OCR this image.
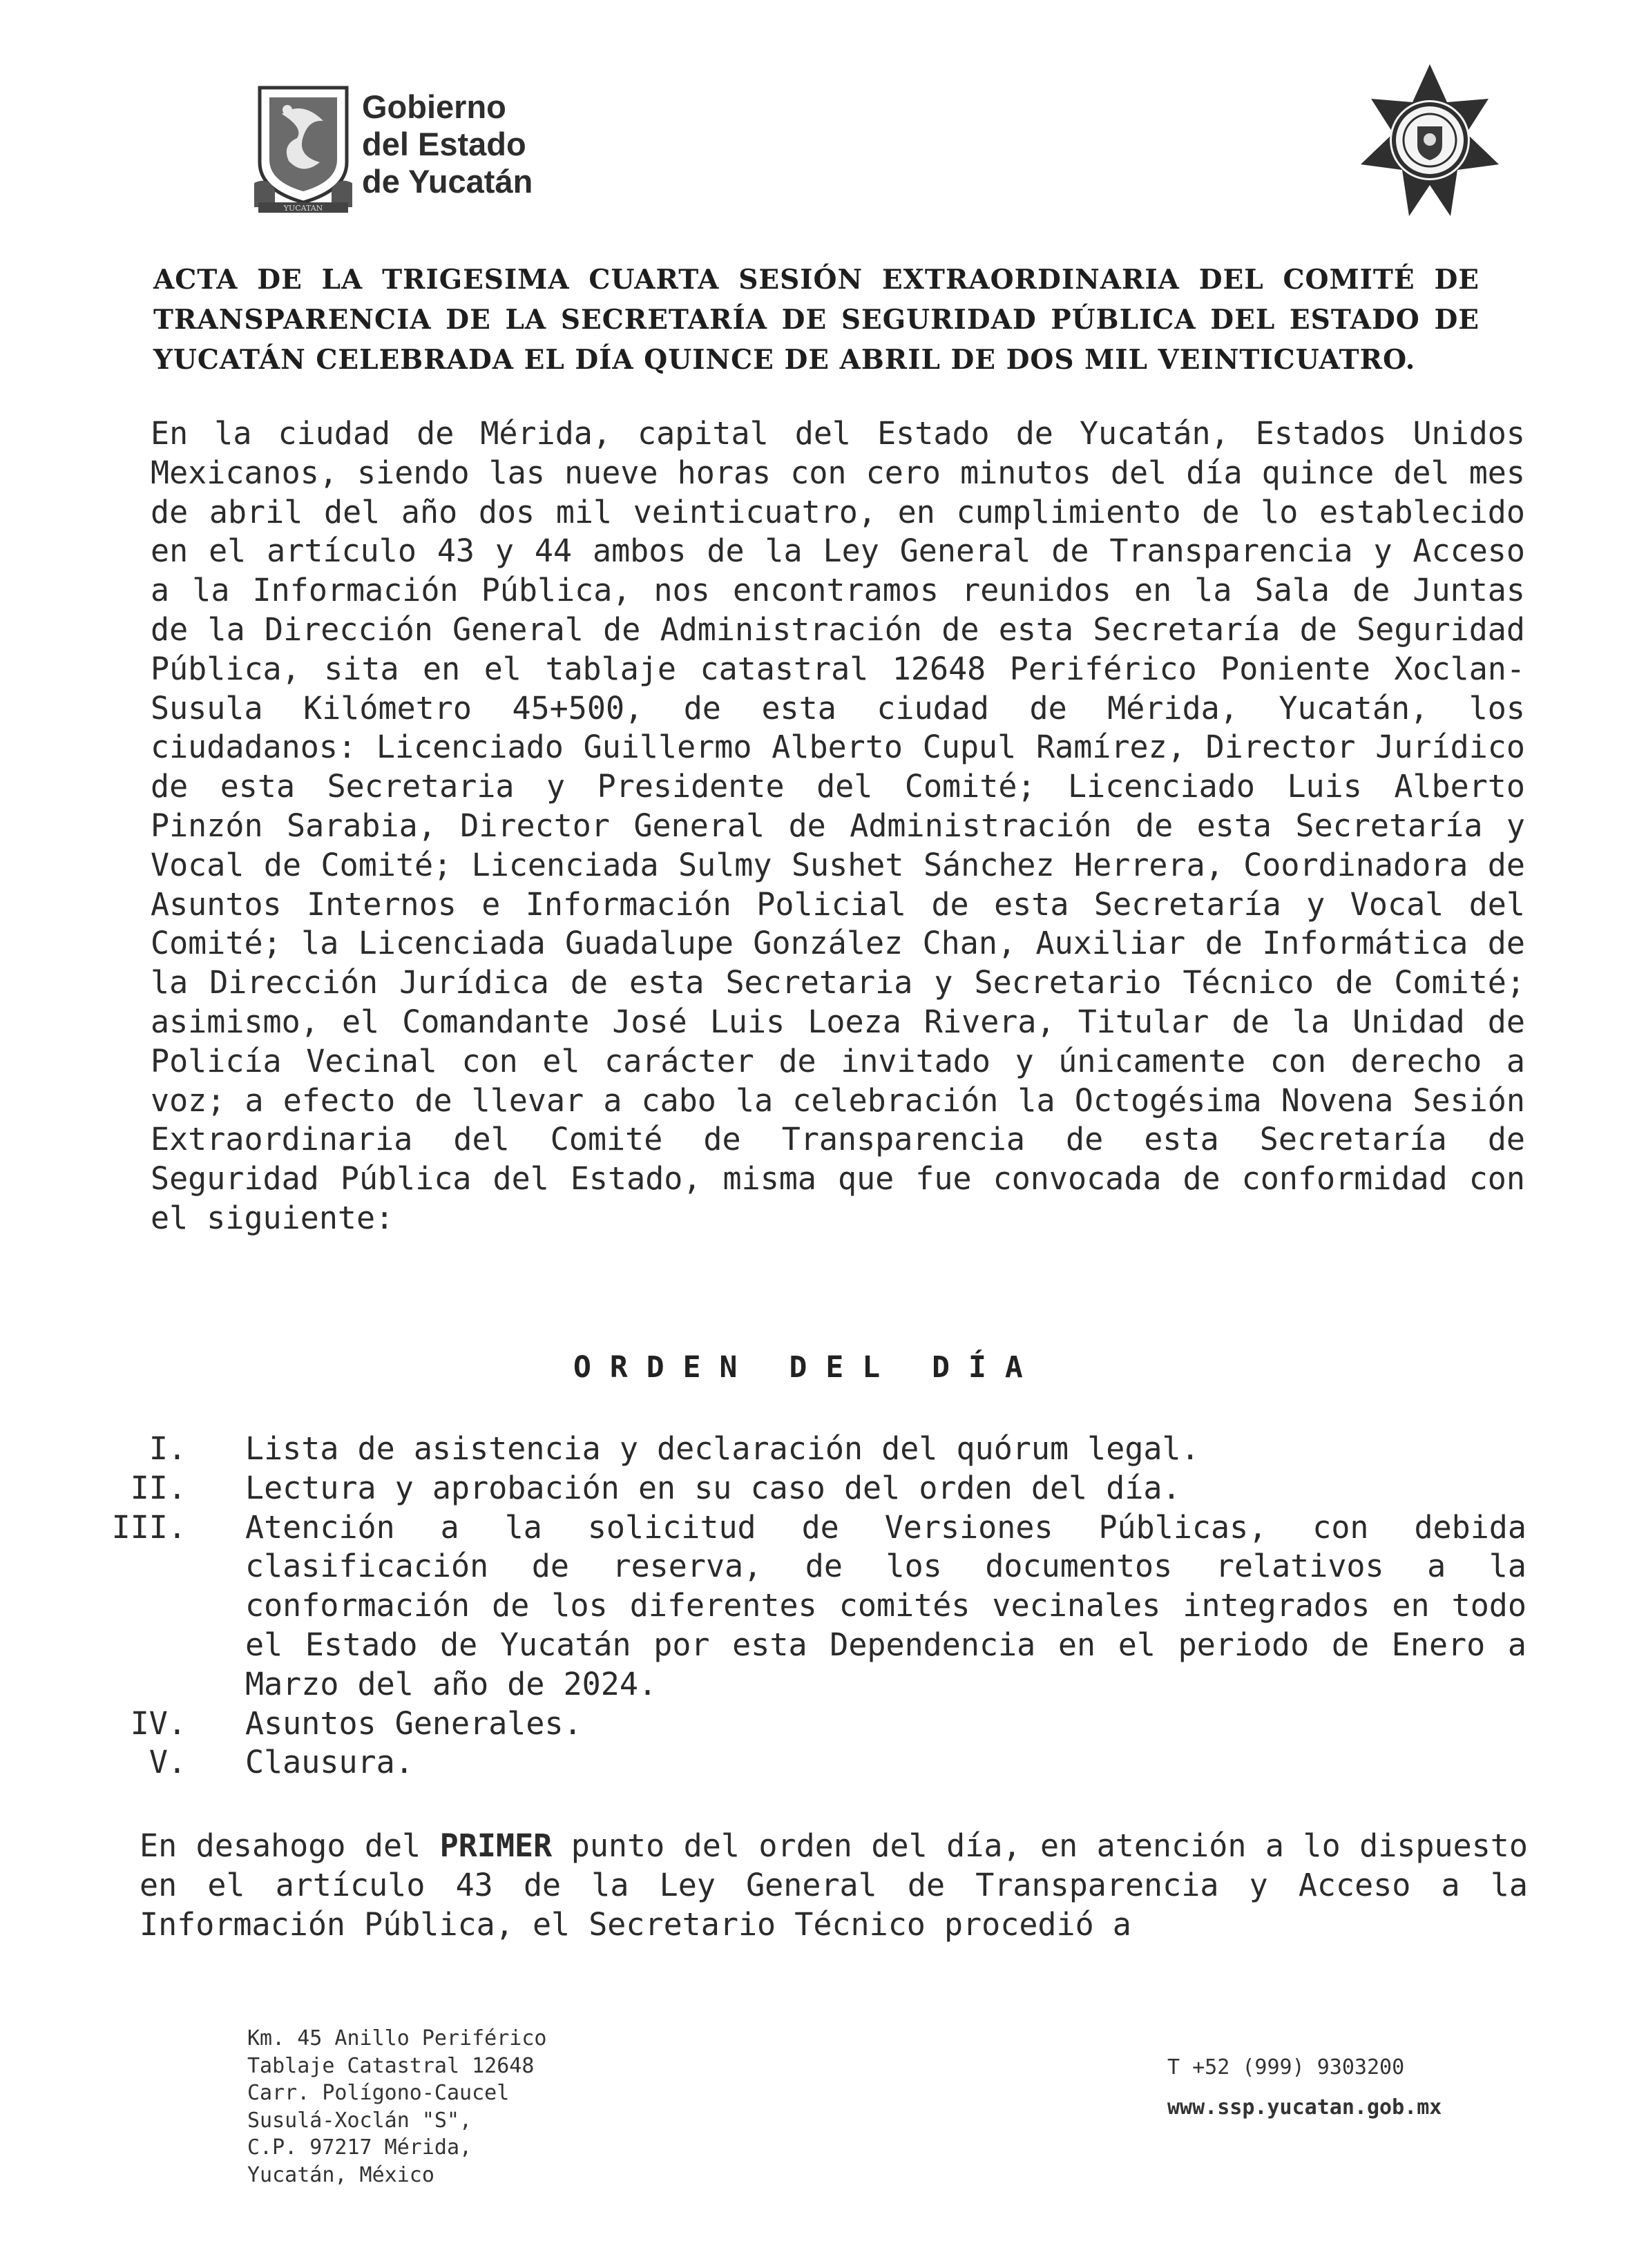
YUCATAN
Gobierno
del Estado
de Yucatán
ACTA DE LA TRIGESIMA CUARTA SESIÓN EXTRAORDINARIA DEL COMITÉ DE TRANSPARENCIA DE LA SECRETARÍA DE SEGURIDAD PÚBLICA DEL ESTADO DE YUCATÁN CELEBRADA EL DÍA QUINCE DE ABRIL DE DOS MIL VEINTICUATRO.
En la ciudad de Mérida, capital del Estado de Yucatán, Estados Unidos Mexicanos, siendo las nueve horas con cero minutos del día quince del mes de abril del año dos mil veinticuatro, en cumplimiento de lo establecido en el artículo 43 y 44 ambos de la Ley General de Transparencia y Acceso a la Información Pública, nos encontramos reunidos en la Sala de Juntas de la Dirección General de Administración de esta Secretaría de Seguridad Pública, sita en el tablaje catastral 12648 Periférico Poniente Xoclan-Susula Kilómetro 45+500, de esta ciudad de Mérida, Yucatán, los ciudadanos: Licenciado Guillermo Alberto Cupul Ramírez, Director Jurídico de esta Secretaria y Presidente del Comité; Licenciado Luis Alberto Pinzón Sarabia, Director General de Administración de esta Secretaría y Vocal de Comité; Licenciada Sulmy Sushet Sánchez Herrera, Coordinadora de Asuntos Internos e Información Policial de esta Secretaría y Vocal del Comité; la Licenciada Guadalupe González Chan, Auxiliar de Informática de la Dirección Jurídica de esta Secretaria y Secretario Técnico de Comité; asimismo, el Comandante José Luis Loeza Rivera, Titular de la Unidad de Policía Vecinal con el carácter de invitado y únicamente con derecho a voz; a efecto de llevar a cabo la celebración la Octogésima Novena Sesión Extraordinaria del Comité de Transparencia de esta Secretaría de Seguridad Pública del Estado, misma que fue convocada de conformidad con el siguiente:
ORDEN DEL DÍA
I. Lista de asistencia y declaración del quórum legal.
II. Lectura y aprobación en su caso del orden del día.
III. Atención a la solicitud de Versiones Públicas, con debida clasificación de reserva, de los documentos relativos a la conformación de los diferentes comités vecinales integrados en todo el Estado de Yucatán por esta Dependencia en el periodo de Enero a Marzo del año de 2024.
IV. Asuntos Generales.
V. Clausura.
En desahogo del PRIMER punto del orden del día, en atención a lo dispuesto en el artículo 43 de la Ley General de Transparencia y Acceso a la Información Pública, el Secretario Técnico procedió a
Km. 45 Anillo Periférico
Tablaje Catastral 12648
Carr. Polígono-Caucel
Susulá-Xoclán "S",
C.P. 97217 Mérida,
Yucatán, México
T +52 (999) 9303200
www.ssp.yucatan.gob.mx
